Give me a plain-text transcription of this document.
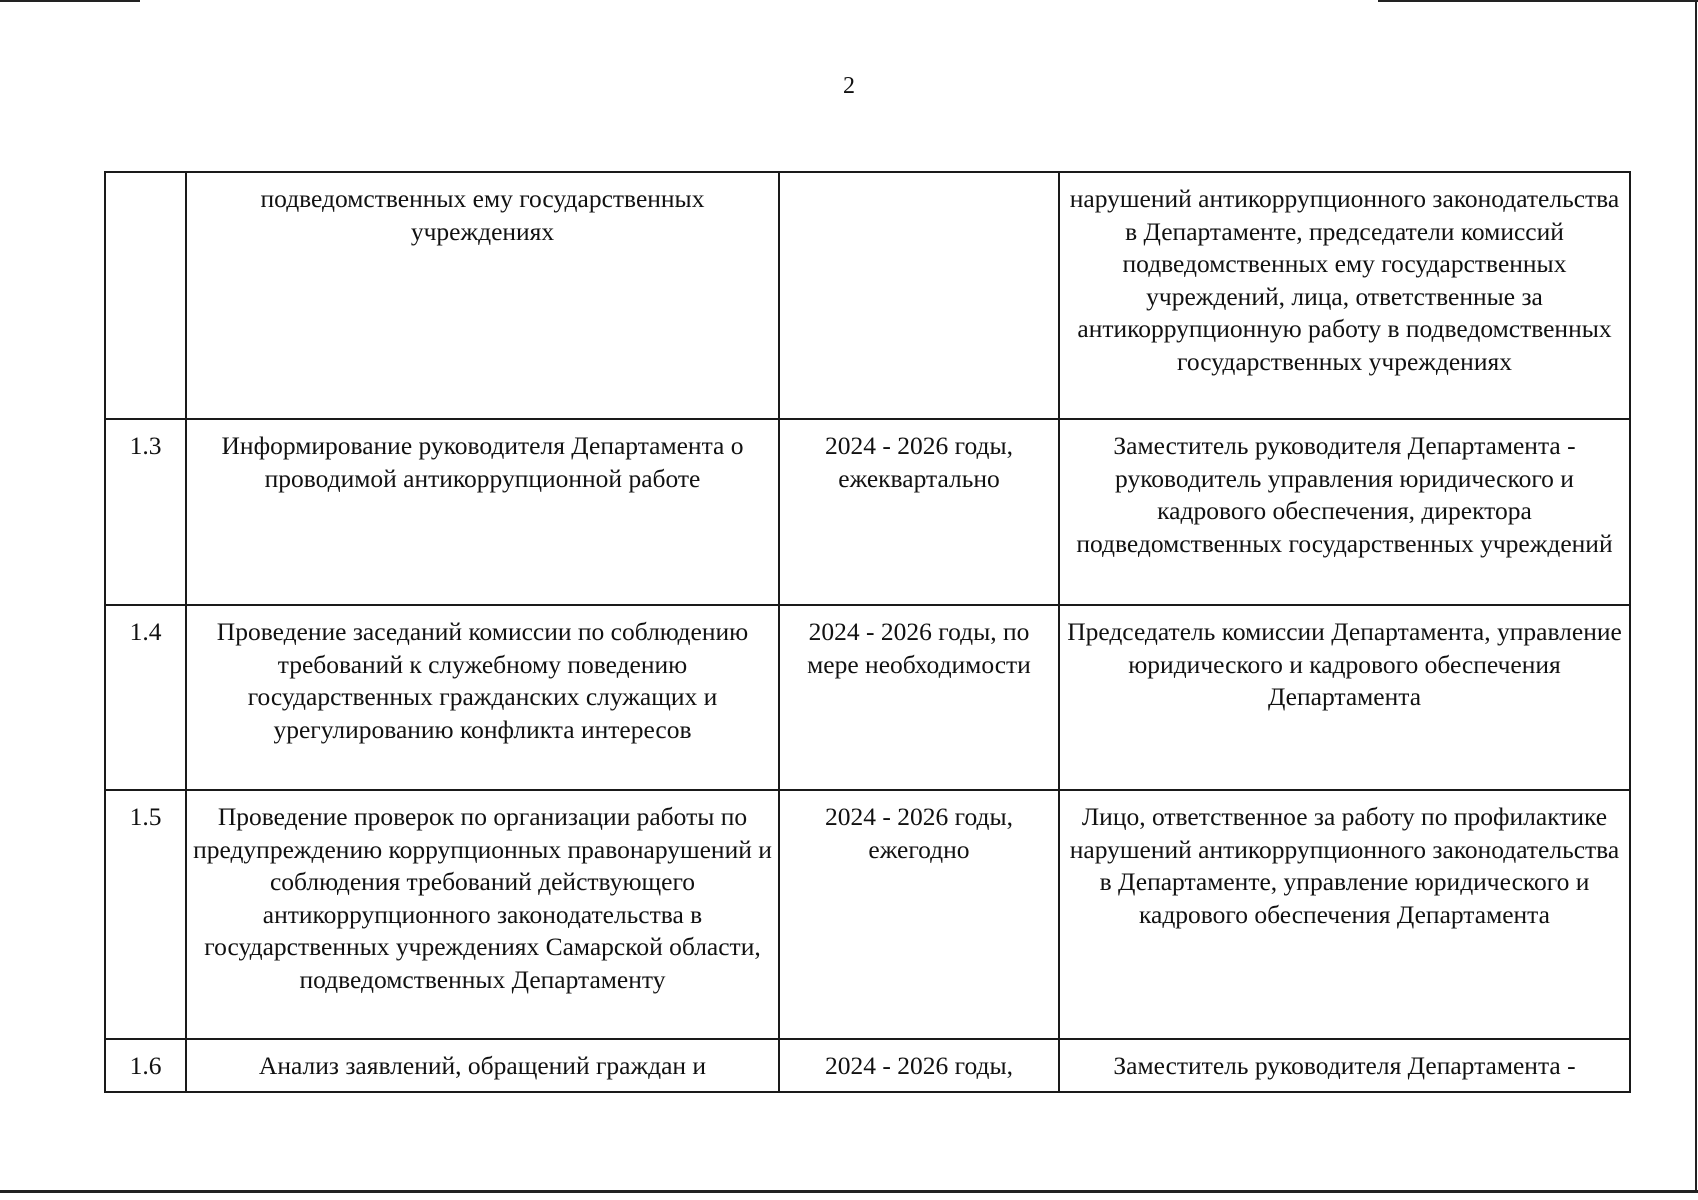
2

	подведомственных ему государственных учреждениях		нарушений антикоррупционного законодательства в Департаменте, председатели комиссий подведомственных ему государственных учреждений, лица, ответственные за антикоррупционную работу в подведомственных государственных учреждениях

1.3	Информирование руководителя Департамента о проводимой антикоррупционной работе	2024 - 2026 годы, ежеквартально	Заместитель руководителя Департамента - руководитель управления юридического и кадрового обеспечения, директора подведомственных государственных учреждений

1.4	Проведение заседаний комиссии по соблюдению требований к служебному поведению государственных гражданских служащих и урегулированию конфликта интересов	2024 - 2026 годы, по мере необходимости	Председатель комиссии Департамента, управление юридического и кадрового обеспечения Департамента

1.5	Проведение проверок по организации работы по предупреждению коррупционных правонарушений и соблюдения требований действующего антикоррупционного законодательства в государственных учреждениях Самарской области, подведомственных Департаменту	2024 - 2026 годы, ежегодно	Лицо, ответственное за работу по профилактике нарушений антикоррупционного законодательства в Департаменте, управление юридического и кадрового обеспечения Департамента

1.6	Анализ заявлений, обращений граждан и	2024 - 2026 годы,	Заместитель руководителя Департамента -
